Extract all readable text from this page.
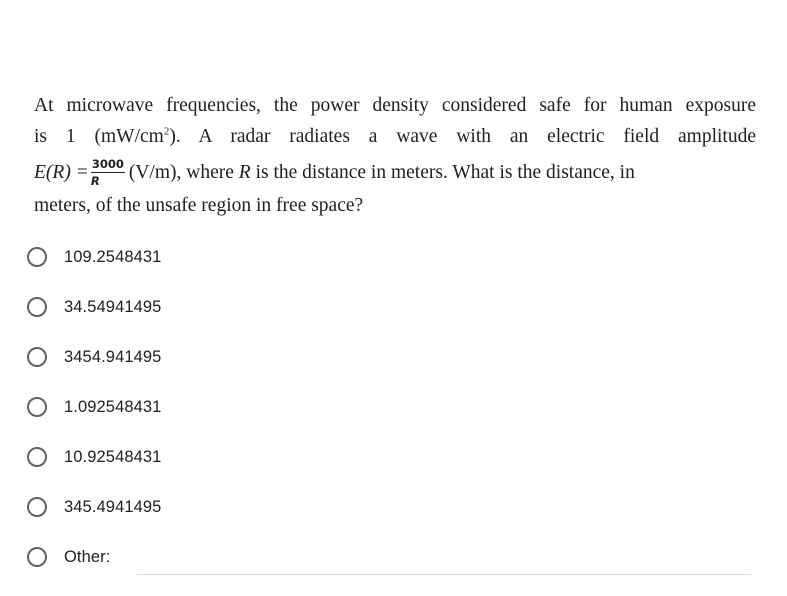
At microwave frequencies, the power density considered safe for human exposure
is 1 $(mW/cm^2)$. A radar radiates a wave with an electric field amplitude
$E(R) = \frac{3000}{R} (V/m)$, where R is the distance in meters. What is the distance, in
meters, of the unsafe region in free space?
109.2548431
34.54941495
3454.941495
1.092548431
10.92548431
345.4941495
Other:
